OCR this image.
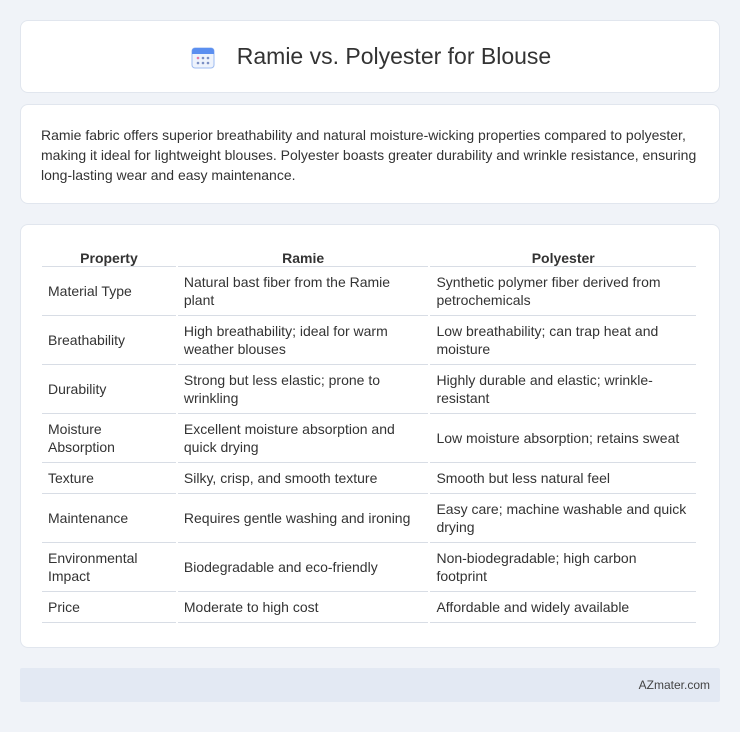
Ramie vs. Polyester for Blouse

Ramie fabric offers superior breathability and natural moisture-wicking properties compared to polyester, making it ideal for lightweight blouses. Polyester boasts greater durability and wrinkle resistance, ensuring long-lasting wear and easy maintenance.

Property	Ramie	Polyester
Material Type	Natural bast fiber from the Ramie plant	Synthetic polymer fiber derived from petrochemicals
Breathability	High breathability; ideal for warm weather blouses	Low breathability; can trap heat and moisture
Durability	Strong but less elastic; prone to wrinkling	Highly durable and elastic; wrinkle-resistant
Moisture Absorption	Excellent moisture absorption and quick drying	Low moisture absorption; retains sweat
Texture	Silky, crisp, and smooth texture	Smooth but less natural feel
Maintenance	Requires gentle washing and ironing	Easy care; machine washable and quick drying
Environmental Impact	Biodegradable and eco-friendly	Non-biodegradable; high carbon footprint
Price	Moderate to high cost	Affordable and widely available
AZmater.com
